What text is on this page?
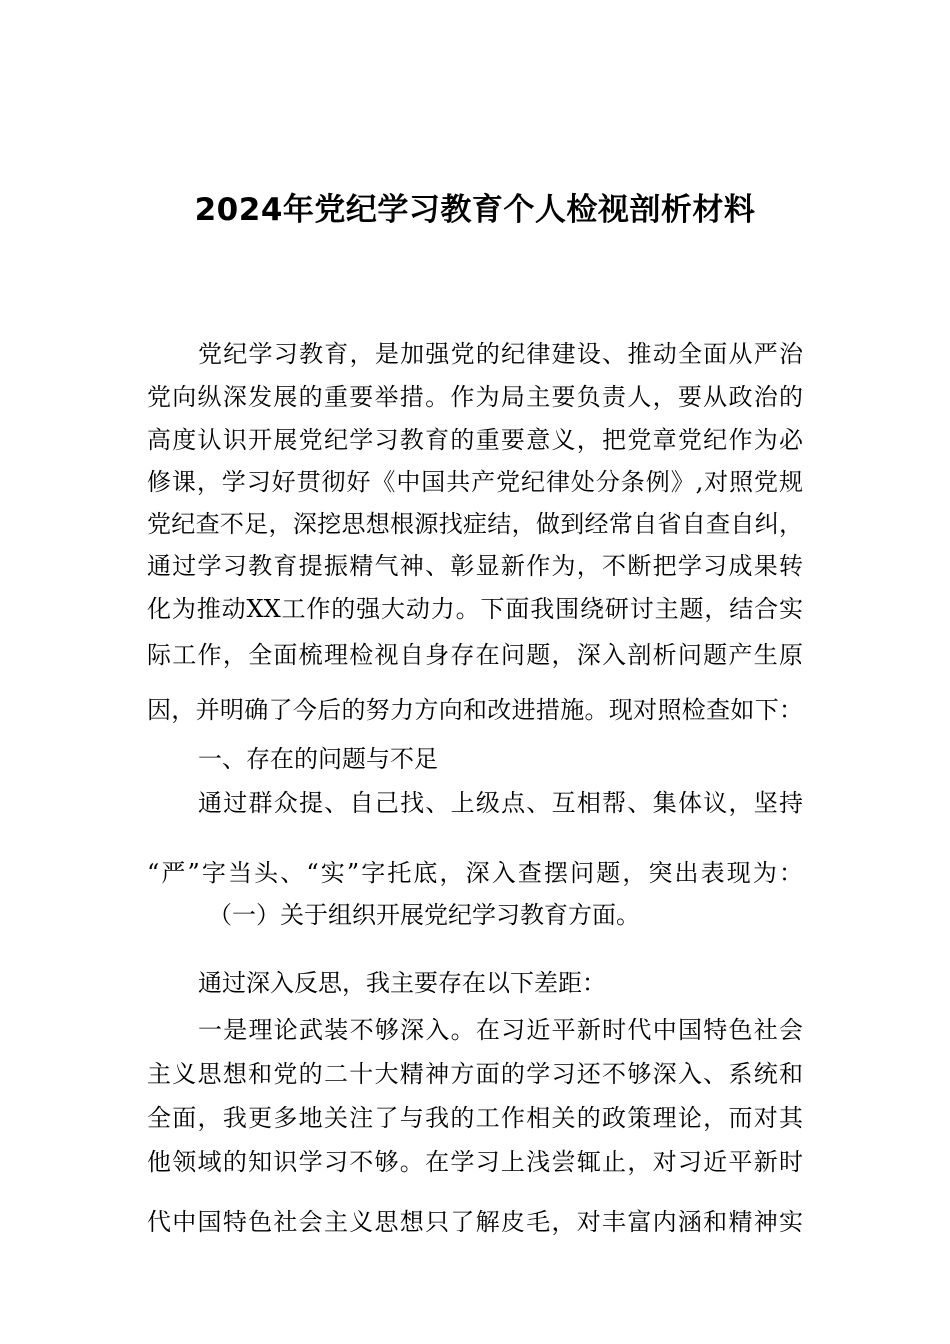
2024年党纪学习教育个人检视剖析材料
党纪学习教育，是加强党的纪律建设、推动全面从严治
党向纵深发展的重要举措。作为局主要负责人，要从政治的
高度认识开展党纪学习教育的重要意义，把党章党纪作为必
修课，学习好贯彻好《中国共产党纪律处分条例》,对照党规
党纪查不足，深挖思想根源找症结，做到经常自省自查自纠，
通过学习教育提振精气神、彰显新作为，不断把学习成果转
化为推动XX工作的强大动力。下面我围绕研讨主题，结合实
际工作，全面梳理检视自身存在问题，深入剖析问题产生原
因，并明确了今后的努力方向和改进措施。现对照检查如下：
一、存在的问题与不足
通过群众提、自己找、上级点、互相帮、集体议，坚持
“严”字当头、“实”字托底，深入查摆问题，突出表现为：
（一）关于组织开展党纪学习教育方面。
通过深入反思，我主要存在以下差距：
一是理论武装不够深入。在习近平新时代中国特色社会
主义思想和党的二十大精神方面的学习还不够深入、系统和
全面，我更多地关注了与我的工作相关的政策理论，而对其
他领域的知识学习不够。在学习上浅尝辄止，对习近平新时
代中国特色社会主义思想只了解皮毛，对丰富内涵和精神实
